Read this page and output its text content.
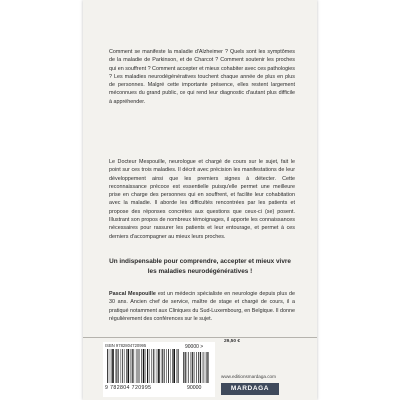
Comment se manifeste la maladie d'Alzheimer ? Quels sont les symptômes de la maladie de Parkinson, et de Charcot ? Comment soutenir les proches qui en souffrent ? Comment accepter et mieux cohabiter avec ces pathologies ? Les maladies neurodégénératives touchent chaque année de plus en plus de personnes. Malgré cette importante présence, elles restent largement méconnues du grand public, ce qui rend leur diagnostic d'autant plus difficile à appréhender.

Le Docteur Mespouille, neurologue et chargé de cours sur le sujet, fait le point sur ces trois maladies. Il décrit avec précision les manifestations de leur développement ainsi que les premiers signes à détecter. Cette reconnaissance précoce est essentielle puisqu'elle permet une meilleure prise en charge des personnes qui en souffrent, et facilite leur cohabitation avec la maladie. Il aborde les difficultés rencontrées par les patients et propose des réponses concrètes aux questions que ceux-ci (se) posent. Illustrant son propos de nombreux témoignages, il apporte les connaissances nécessaires pour rassurer les patients et leur entourage, et permet à ces derniers d'accompagner au mieux leurs proches.

Un indispensable pour comprendre, accepter et mieux vivre les maladies neurodégénératives !

Pascal Mespouille est un médecin spécialiste en neurologie depuis plus de 30 ans. Ancien chef de service, maître de stage et chargé de cours, il a pratiqué notamment aux Cliniques du Sud-Luxembourg, en Belgique. Il donne régulièrement des conférences sur le sujet.

29,50 €
ISBN 9782804720995	90000 >
9 782804 720995	90000
www.editionsmardaga.com
MARDAGA
